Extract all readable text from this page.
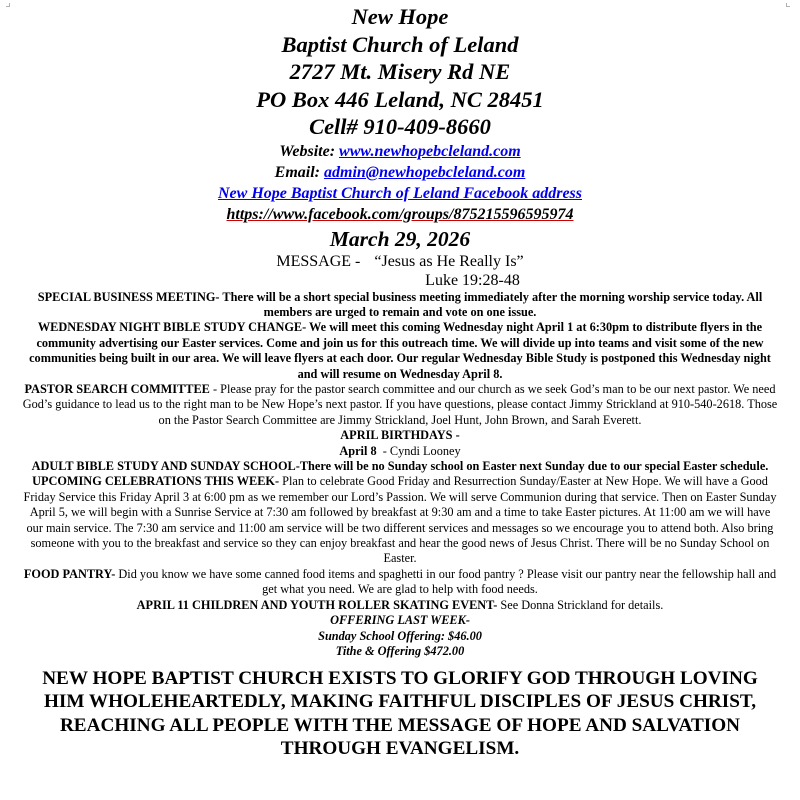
New Hope
Baptist Church of Leland
2727 Mt. Misery Rd NE
PO Box 446 Leland, NC 28451
Cell# 910-409-8660
Website: www.newhopebcleland.com
Email: admin@newhopebcleland.com
New Hope Baptist Church of Leland Facebook address
https://www.facebook.com/groups/875215596595974
March 29, 2026
MESSAGE - “Jesus as He Really Is”
Luke 19:28-48
SPECIAL BUSINESS MEETING- There will be a short special business meeting immediately after the morning worship service today. All members are urged to remain and vote on one issue.
WEDNESDAY NIGHT BIBLE STUDY CHANGE- We will meet this coming Wednesday night April 1 at 6:30pm to distribute flyers in the community advertising our Easter services. Come and join us for this outreach time. We will divide up into teams and visit some of the new communities being built in our area. We will leave flyers at each door. Our regular Wednesday Bible Study is postponed this Wednesday night and will resume on Wednesday April 8.
PASTOR SEARCH COMMITTEE - Please pray for the pastor search committee and our church as we seek God’s man to be our next pastor. We need God’s guidance to lead us to the right man to be New Hope’s next pastor. If you have questions, please contact Jimmy Strickland at 910-540-2618. Those on the Pastor Search Committee are Jimmy Strickland, Joel Hunt, John Brown, and Sarah Everett.
APRIL BIRTHDAYS -
April 8  - Cyndi Looney
ADULT BIBLE STUDY AND SUNDAY SCHOOL-There will be no Sunday school on Easter next Sunday due to our special Easter schedule.
UPCOMING CELEBRATIONS THIS WEEK- Plan to celebrate Good Friday and Resurrection Sunday/Easter at New Hope. We will have a Good Friday Service this Friday April 3 at 6:00 pm as we remember our Lord’s Passion. We will serve Communion during that service. Then on Easter Sunday April 5, we will begin with a Sunrise Service at 7:30 am followed by breakfast at 9:30 am and a time to take Easter pictures. At 11:00 am we will have our main service. The 7:30 am service and 11:00 am service will be two different services and messages so we encourage you to attend both. Also bring someone with you to the breakfast and service so they can enjoy breakfast and hear the good news of Jesus Christ. There will be no Sunday School on Easter.
FOOD PANTRY- Did you know we have some canned food items and spaghetti in our food pantry ? Please visit our pantry near the fellowship hall and get what you need. We are glad to help with food needs.
APRIL 11 CHILDREN AND YOUTH ROLLER SKATING EVENT- See Donna Strickland for details.
OFFERING LAST WEEK-
Sunday School Offering: $46.00
Tithe & Offering $472.00
NEW HOPE BAPTIST CHURCH EXISTS TO GLORIFY GOD THROUGH LOVING HIM WHOLEHEARTEDLY, MAKING FAITHFUL DISCIPLES OF JESUS CHRIST, REACHING ALL PEOPLE WITH THE MESSAGE OF HOPE AND SALVATION THROUGH EVANGELISM.
